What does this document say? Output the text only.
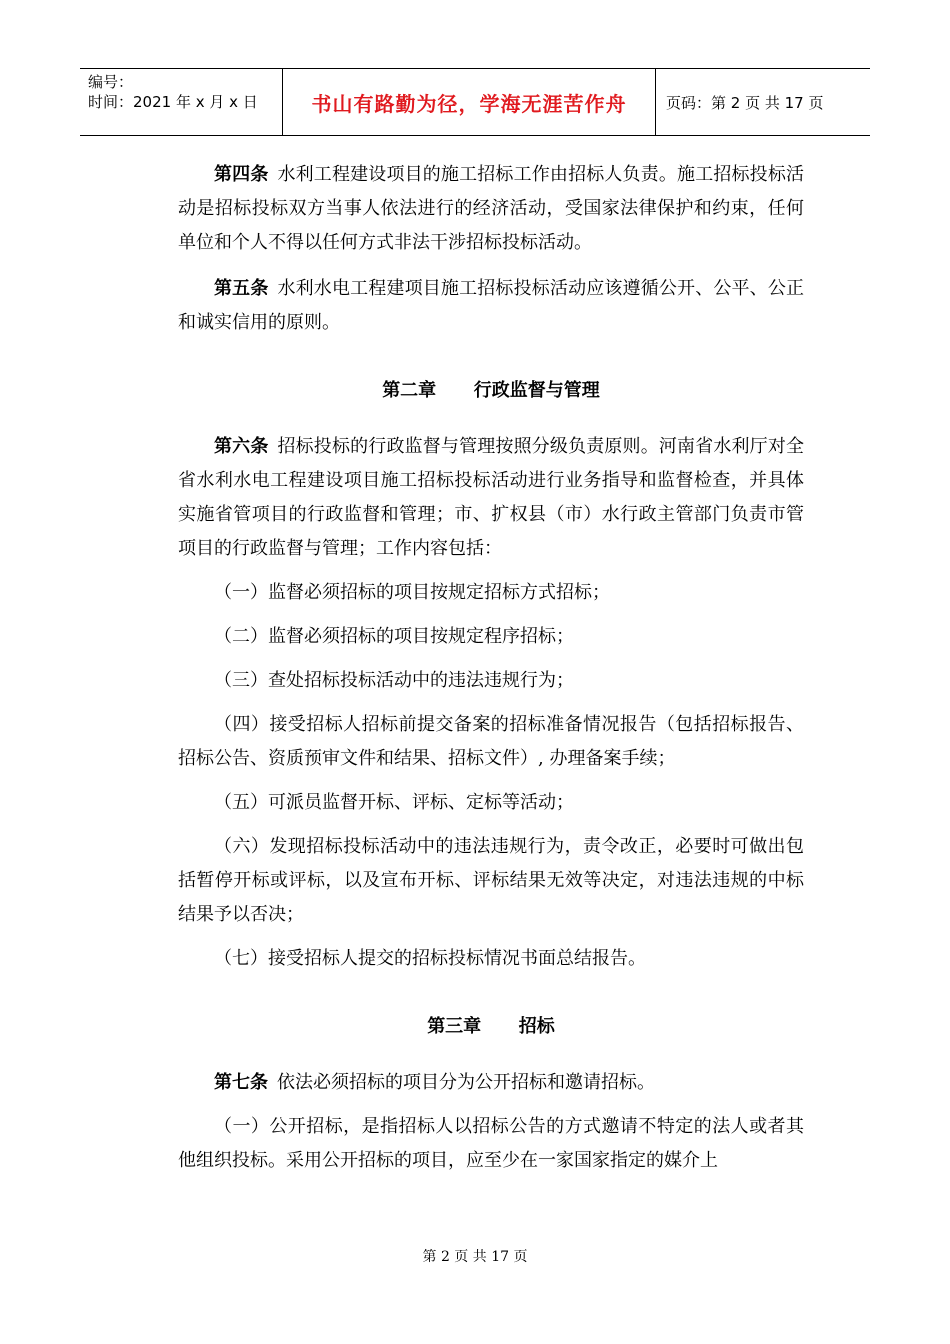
编号：
时间：2021 年 x 月 x 日	书山有路勤为径，学海无涯苦作舟	页码：第 2 页 共 17 页

第四条 水利工程建设项目的施工招标工作由招标人负责。施工招标投标活动是招标投标双方当事人依法进行的经济活动，受国家法律保护和约束，任何单位和个人不得以任何方式非法干涉招标投标活动。

第五条 水利水电工程建项目施工招标投标活动应该遵循公开、公平、公正和诚实信用的原则。

第二章      行政监督与管理

第六条 招标投标的行政监督与管理按照分级负责原则。河南省水利厅对全省水利水电工程建设项目施工招标投标活动进行业务指导和监督检查，并具体实施省管项目的行政监督和管理；市、扩权县（市）水行政主管部门负责市管项目的行政监督与管理；工作内容包括：

（一）监督必须招标的项目按规定招标方式招标；

（二）监督必须招标的项目按规定程序招标；

（三）查处招标投标活动中的违法违规行为；

（四）接受招标人招标前提交备案的招标准备情况报告（包括招标报告、招标公告、资质预审文件和结果、招标文件）, 办理备案手续；

（五）可派员监督开标、评标、定标等活动；

（六）发现招标投标活动中的违法违规行为，责令改正，必要时可做出包括暂停开标或评标，以及宣布开标、评标结果无效等决定，对违法违规的中标结果予以否决；

（七）接受招标人提交的招标投标情况书面总结报告。

第三章      招标

第七条 依法必须招标的项目分为公开招标和邀请招标。

（一）公开招标，是指招标人以招标公告的方式邀请不特定的法人或者其他组织投标。采用公开招标的项目，应至少在一家国家指定的媒介上

第 2 页 共 17 页
